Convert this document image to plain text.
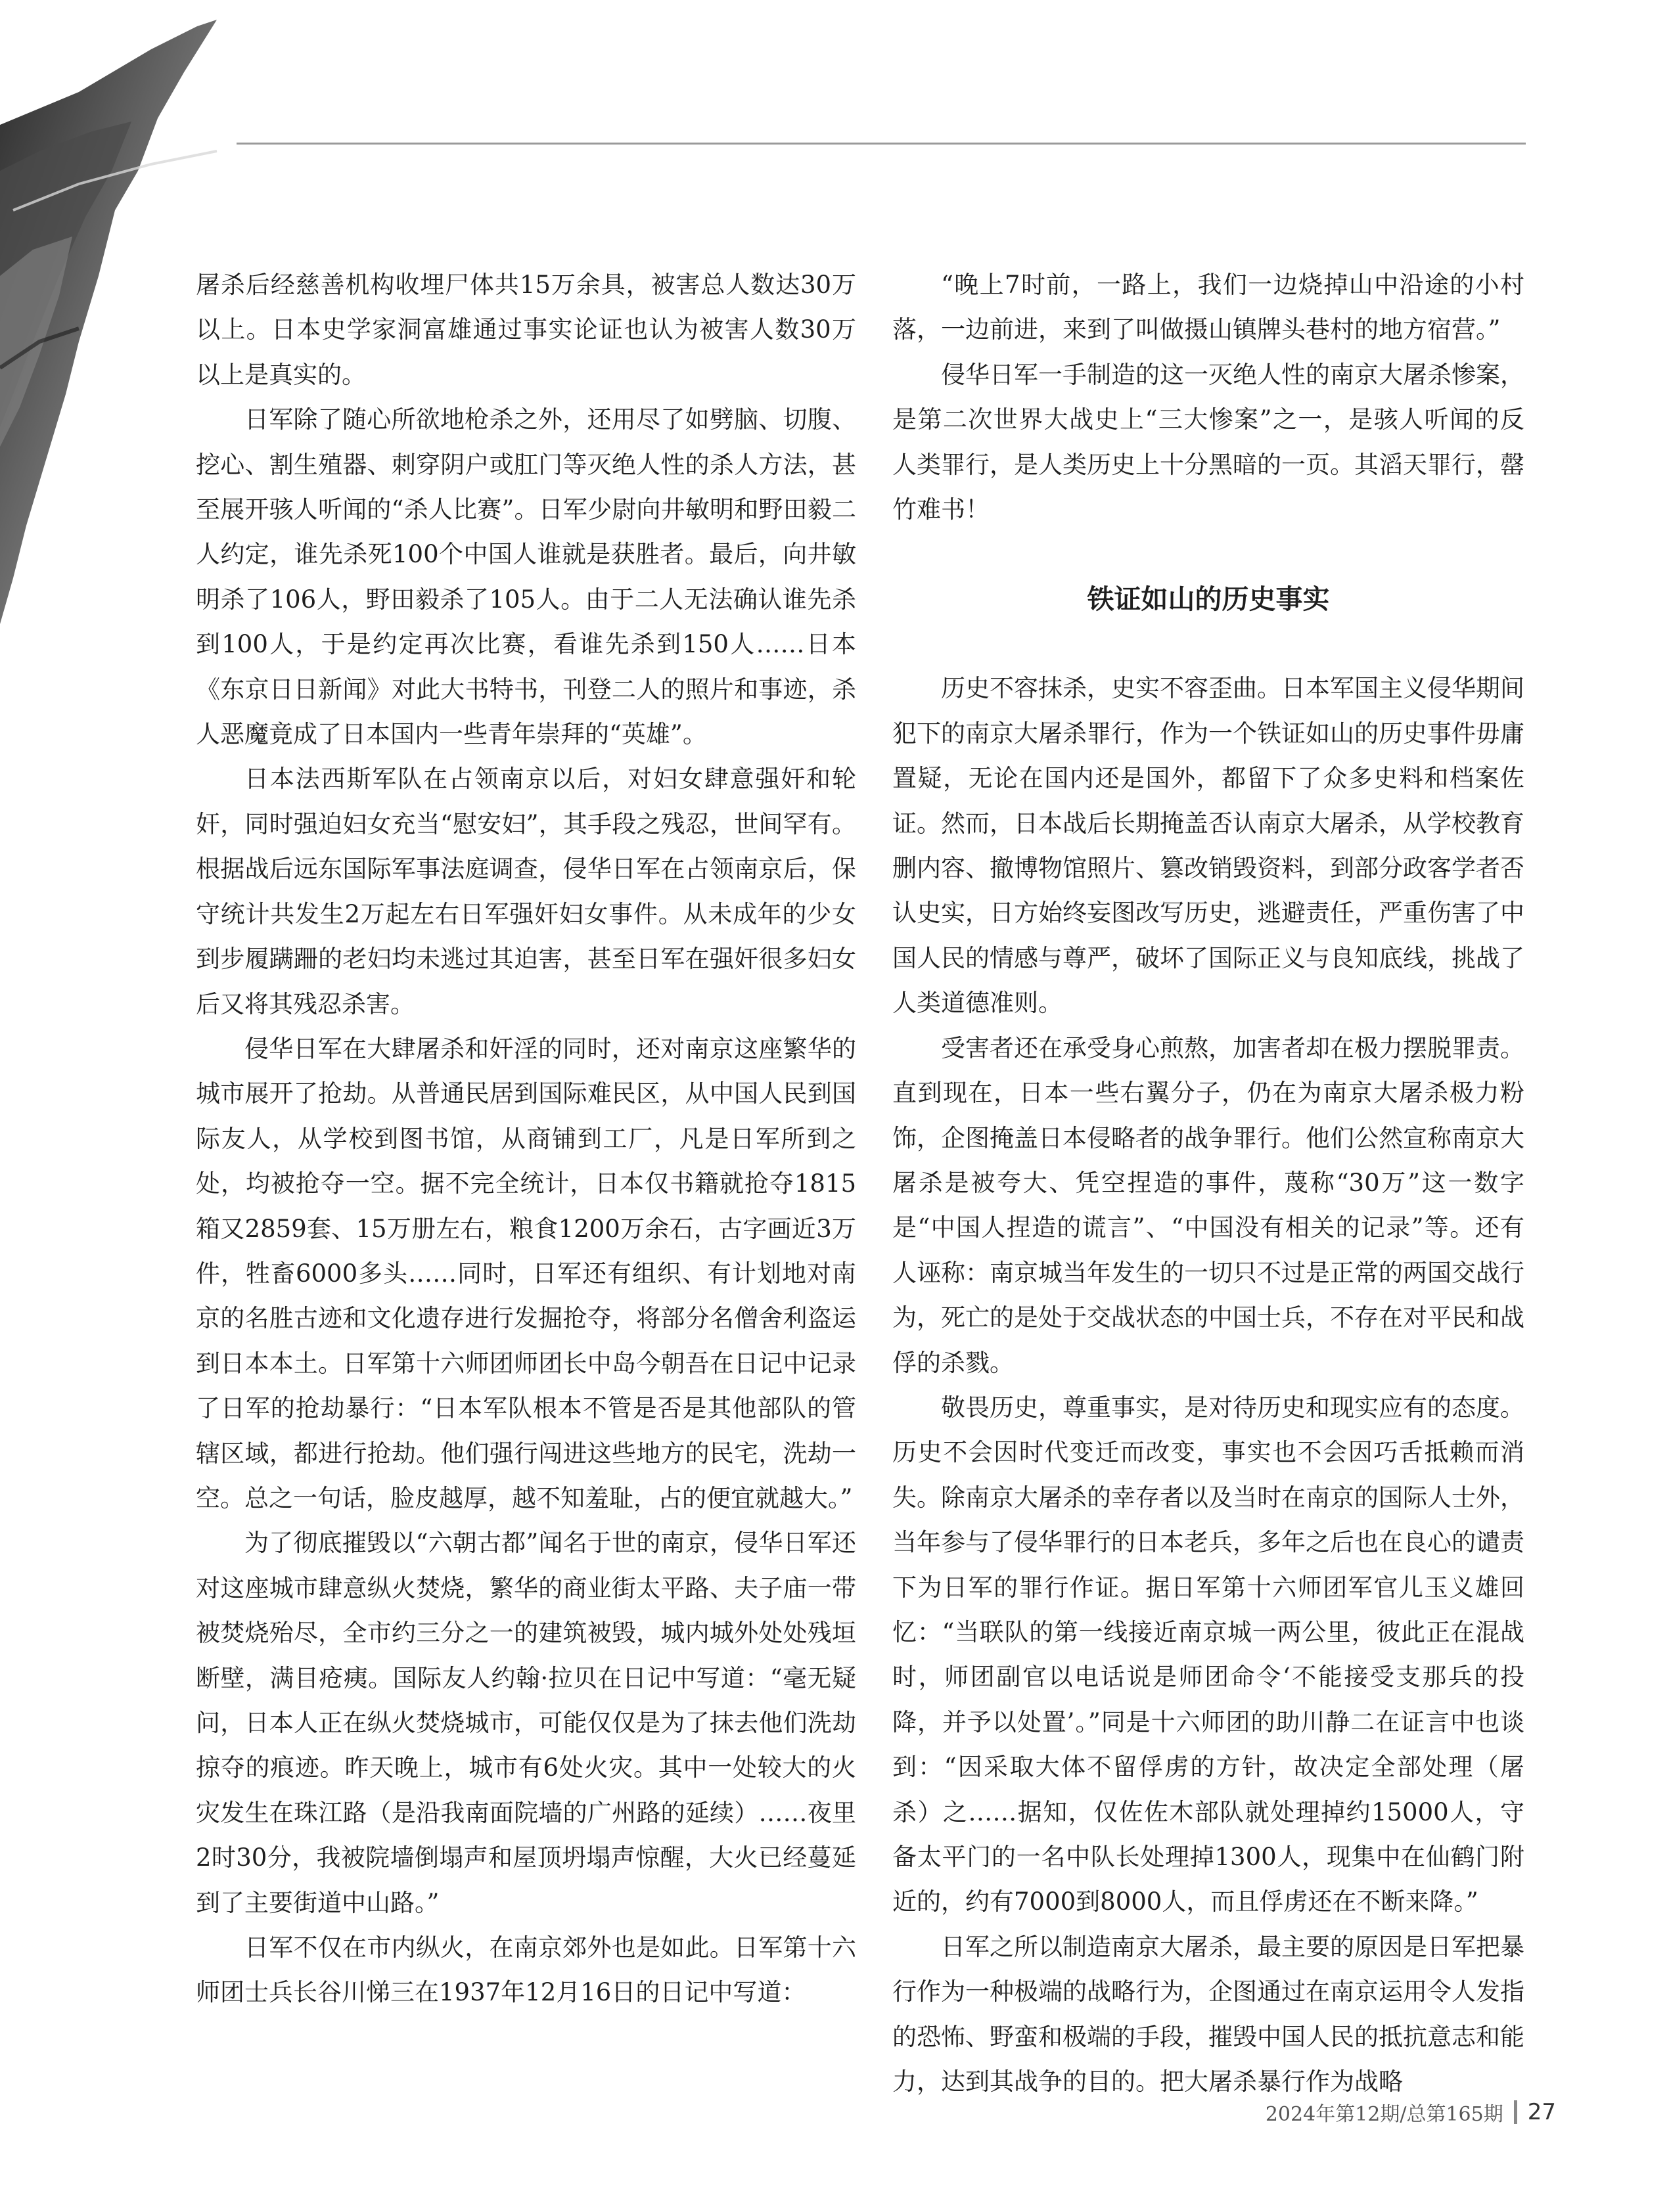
屠杀后经慈善机构收埋尸体共15万余具，被害总人数达30万以上。日本史学家洞富雄通过事实论证也认为被害人数30万以上是真实的。

日军除了随心所欲地枪杀之外，还用尽了如劈脑、切腹、挖心、割生殖器、刺穿阴户或肛门等灭绝人性的杀人方法，甚至展开骇人听闻的“杀人比赛”。日军少尉向井敏明和野田毅二人约定，谁先杀死100个中国人谁就是获胜者。最后，向井敏明杀了106人，野田毅杀了105人。由于二人无法确认谁先杀到100人，于是约定再次比赛，看谁先杀到150人……日本《东京日日新闻》对此大书特书，刊登二人的照片和事迹，杀人恶魔竟成了日本国内一些青年崇拜的“英雄”。

日本法西斯军队在占领南京以后，对妇女肆意强奸和轮奸，同时强迫妇女充当“慰安妇”，其手段之残忍，世间罕有。根据战后远东国际军事法庭调查，侵华日军在占领南京后，保守统计共发生2万起左右日军强奸妇女事件。从未成年的少女到步履蹒跚的老妇均未逃过其迫害，甚至日军在强奸很多妇女后又将其残忍杀害。

侵华日军在大肆屠杀和奸淫的同时，还对南京这座繁华的城市展开了抢劫。从普通民居到国际难民区，从中国人民到国际友人，从学校到图书馆，从商铺到工厂，凡是日军所到之处，均被抢夺一空。据不完全统计，日本仅书籍就抢夺1815箱又2859套、15万册左右，粮食1200万余石，古字画近3万件，牲畜6000多头……同时，日军还有组织、有计划地对南京的名胜古迹和文化遗存进行发掘抢夺，将部分名僧舍利盗运到日本本土。日军第十六师团师团长中岛今朝吾在日记中记录了日军的抢劫暴行：“日本军队根本不管是否是其他部队的管辖区域，都进行抢劫。他们强行闯进这些地方的民宅，洗劫一空。总之一句话，脸皮越厚，越不知羞耻，占的便宜就越大。”

为了彻底摧毁以“六朝古都”闻名于世的南京，侵华日军还对这座城市肆意纵火焚烧，繁华的商业街太平路、夫子庙一带被焚烧殆尽，全市约三分之一的建筑被毁，城内城外处处残垣断壁，满目疮痍。国际友人约翰·拉贝在日记中写道：“毫无疑问，日本人正在纵火焚烧城市，可能仅仅是为了抹去他们洗劫掠夺的痕迹。昨天晚上，城市有6处火灾。其中一处较大的火灾发生在珠江路（是沿我南面院墙的广州路的延续）……夜里2时30分，我被院墙倒塌声和屋顶坍塌声惊醒，大火已经蔓延到了主要街道中山路。”

日军不仅在市内纵火，在南京郊外也是如此。日军第十六师团士兵长谷川悌三在1937年12月16日的日记中写道：

“晚上7时前，一路上，我们一边烧掉山中沿途的小村落，一边前进，来到了叫做摄山镇牌头巷村的地方宿营。”

侵华日军一手制造的这一灭绝人性的南京大屠杀惨案，是第二次世界大战史上“三大惨案”之一，是骇人听闻的反人类罪行，是人类历史上十分黑暗的一页。其滔天罪行，罄竹难书！

铁证如山的历史事实

历史不容抹杀，史实不容歪曲。日本军国主义侵华期间犯下的南京大屠杀罪行，作为一个铁证如山的历史事件毋庸置疑，无论在国内还是国外，都留下了众多史料和档案佐证。然而，日本战后长期掩盖否认南京大屠杀，从学校教育删内容、撤博物馆照片、篡改销毁资料，到部分政客学者否认史实，日方始终妄图改写历史，逃避责任，严重伤害了中国人民的情感与尊严，破坏了国际正义与良知底线，挑战了人类道德准则。

受害者还在承受身心煎熬，加害者却在极力摆脱罪责。直到现在，日本一些右翼分子，仍在为南京大屠杀极力粉饰，企图掩盖日本侵略者的战争罪行。他们公然宣称南京大屠杀是被夸大、凭空捏造的事件，蔑称“30万”这一数字是“中国人捏造的谎言”、“中国没有相关的记录”等。还有人诬称：南京城当年发生的一切只不过是正常的两国交战行为，死亡的是处于交战状态的中国士兵，不存在对平民和战俘的杀戮。

敬畏历史，尊重事实，是对待历史和现实应有的态度。历史不会因时代变迁而改变，事实也不会因巧舌抵赖而消失。除南京大屠杀的幸存者以及当时在南京的国际人士外，当年参与了侵华罪行的日本老兵，多年之后也在良心的谴责下为日军的罪行作证。据日军第十六师团军官儿玉义雄回忆：“当联队的第一线接近南京城一两公里，彼此正在混战时，师团副官以电话说是师团命令‘不能接受支那兵的投降，并予以处置’。”同是十六师团的助川静二在证言中也谈到：“因采取大体不留俘虏的方针，故决定全部处理（屠杀）之……据知，仅佐佐木部队就处理掉约15000人，守备太平门的一名中队长处理掉1300人，现集中在仙鹤门附近的，约有7000到8000人，而且俘虏还在不断来降。”

日军之所以制造南京大屠杀，最主要的原因是日军把暴行作为一种极端的战略行为，企图通过在南京运用令人发指的恐怖、野蛮和极端的手段，摧毁中国人民的抵抗意志和能力，达到其战争的目的。把大屠杀暴行作为战略

2024年第12期/总第165期 27
